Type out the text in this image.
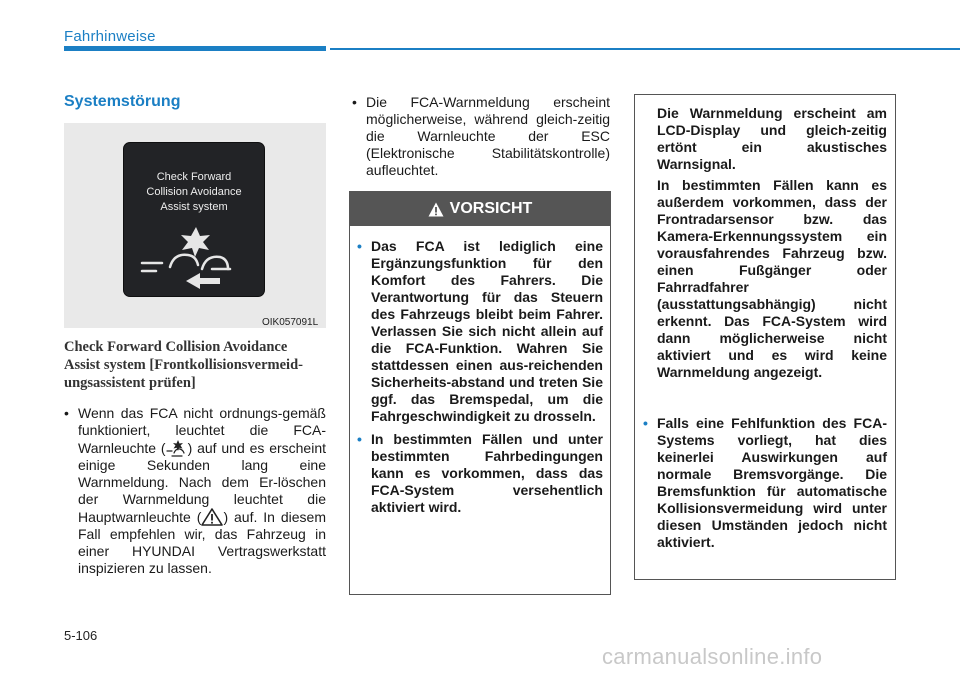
Fahrhinweise
Systemstörung
Check Forward
Collision Avoidance
Assist system
OIK057091L
Check Forward Collision Avoidance Assist system [Frontkollisionsvermeid-ungsassistent prüfen]
• Wenn das FCA nicht ordnungs-gemäß funktioniert, leuchtet die FCA-Warnleuchte ( ) auf und es erscheint einige Sekunden lang eine Warnmeldung. Nach dem Er-löschen der Warnmeldung leuchtet die Hauptwarnleuchte ( ) auf. In diesem Fall empfehlen wir, das Fahrzeug in einer HYUNDAI Vertragswerkstatt inspizieren zu lassen.
• Die FCA-Warnmeldung erscheint möglicherweise, während gleich-zeitig die Warnleuchte der ESC (Elektronische Stabilitätskontrolle) aufleuchtet.
VORSICHT
• Das FCA ist lediglich eine Ergänzungsfunktion für den Komfort des Fahrers. Die Verantwortung für das Steuern des Fahrzeugs bleibt beim Fahrer. Verlassen Sie sich nicht allein auf die FCA-Funktion. Wahren Sie stattdessen einen aus-reichenden Sicherheits-abstand und treten Sie ggf. das Bremspedal, um die Fahrgeschwindigkeit zu drosseln.
• In bestimmten Fällen und unter bestimmten Fahrbedingungen kann es vorkommen, dass das FCA-System versehentlich aktiviert wird.
Die Warnmeldung erscheint am LCD-Display und gleich-zeitig ertönt ein akustisches Warnsignal.
In bestimmten Fällen kann es außerdem vorkommen, dass der Frontradarsensor bzw. das Kamera-Erkennungssystem ein vorausfahrendes Fahrzeug bzw. einen Fußgänger oder Fahrradfahrer (ausstattungsabhängig) nicht erkennt. Das FCA-System wird dann möglicherweise nicht aktiviert und es wird keine Warnmeldung angezeigt.
• Falls eine Fehlfunktion des FCA-Systems vorliegt, hat dies keinerlei Auswirkungen auf normale Bremsvorgänge. Die Bremsfunktion für automatische Kollisionsvermeidung wird unter diesen Umständen jedoch nicht aktiviert.
5-106
carmanualsonline.info
